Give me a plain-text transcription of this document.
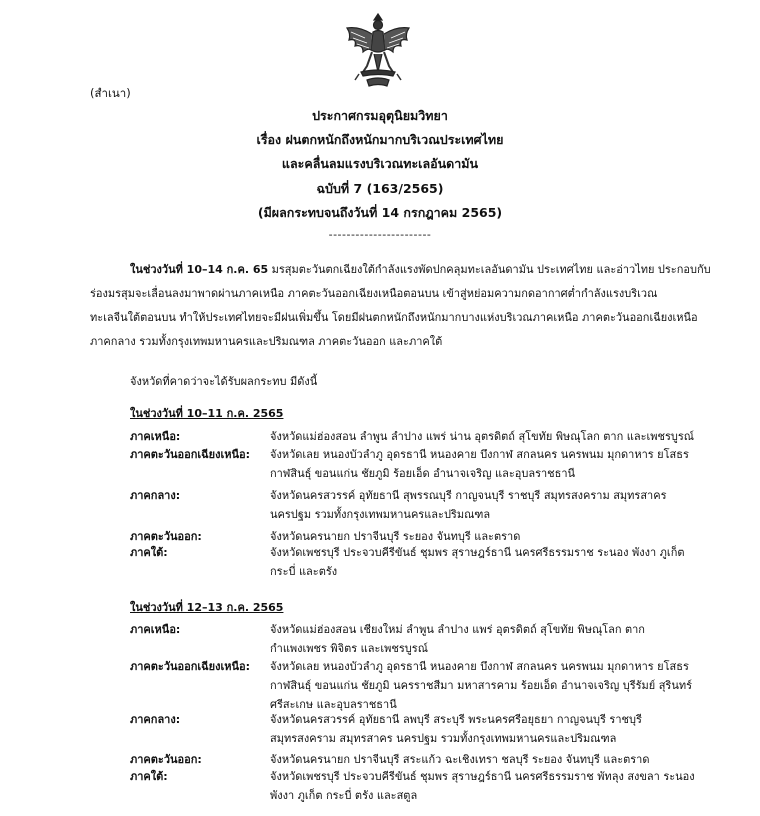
(สำเนา)
ประกาศกรมอุตุนิยมวิทยา
เรื่อง ฝนตกหนักถึงหนักมากบริเวณประเทศไทย
และคลื่นลมแรงบริเวณทะเลอันดามัน
ฉบับที่ 7 (163/2565)
(มีผลกระทบจนถึงวันที่ 14 กรกฎาคม 2565)
-----------------------
ในช่วงวันที่ 10–14 ก.ค. 65 มรสุมตะวันตกเฉียงใต้กำลังแรงพัดปกคลุมทะเลอันดามัน ประเทศไทย และอ่าวไทย ประกอบกับ
ร่องมรสุมจะเลื่อนลงมาพาดผ่านภาคเหนือ ภาคตะวันออกเฉียงเหนือตอนบน เข้าสู่หย่อมความกดอากาศต่ำกำลังแรงบริเวณ
ทะเลจีนใต้ตอนบน ทำให้ประเทศไทยจะมีฝนเพิ่มขึ้น โดยมีฝนตกหนักถึงหนักมากบางแห่งบริเวณภาคเหนือ ภาคตะวันออกเฉียงเหนือ
ภาคกลาง รวมทั้งกรุงเทพมหานครและปริมณฑล ภาคตะวันออก และภาคใต้
จังหวัดที่คาดว่าจะได้รับผลกระทบ มีดังนี้
ในช่วงวันที่ 10–11 ก.ค. 2565
ภาคเหนือ:	จังหวัดแม่ฮ่องสอน ลำพูน ลำปาง แพร่ น่าน อุตรดิตถ์ สุโขทัย พิษณุโลก ตาก และเพชรบูรณ์
ภาคตะวันออกเฉียงเหนือ: จังหวัดเลย หนองบัวลำภู อุดรธานี หนองคาย บึงกาฬ สกลนคร นครพนม มุกดาหาร ยโสธร
กาฬสินธุ์ ขอนแก่น ชัยภูมิ ร้อยเอ็ด อำนาจเจริญ และอุบลราชธานี
ภาคกลาง:	จังหวัดนครสวรรค์ อุทัยธานี สุพรรณบุรี กาญจนบุรี ราชบุรี สมุทรสงคราม สมุทรสาคร
นครปฐม รวมทั้งกรุงเทพมหานครและปริมณฑล
ภาคตะวันออก:	จังหวัดนครนายก ปราจีนบุรี ระยอง จันทบุรี และตราด
ภาคใต้:	จังหวัดเพชรบุรี ประจวบคีรีขันธ์ ชุมพร สุราษฎร์ธานี นครศรีธรรมราช ระนอง พังงา ภูเก็ต
กระบี่ และตรัง
ในช่วงวันที่ 12–13 ก.ค. 2565
ภาคเหนือ:	จังหวัดแม่ฮ่องสอน เชียงใหม่ ลำพูน ลำปาง แพร่ อุตรดิตถ์ สุโขทัย พิษณุโลก ตาก
กำแพงเพชร พิจิตร และเพชรบูรณ์
ภาคตะวันออกเฉียงเหนือ: จังหวัดเลย หนองบัวลำภู อุดรธานี หนองคาย บึงกาฬ สกลนคร นครพนม มุกดาหาร ยโสธร
กาฬสินธุ์ ขอนแก่น ชัยภูมิ นครราชสีมา มหาสารคาม ร้อยเอ็ด อำนาจเจริญ บุรีรัมย์ สุรินทร์
ศรีสะเกษ และอุบลราชธานี
ภาคกลาง:	จังหวัดนครสวรรค์ อุทัยธานี ลพบุรี สระบุรี พระนครศรีอยุธยา กาญจนบุรี ราชบุรี
สมุทรสงคราม สมุทรสาคร นครปฐม รวมทั้งกรุงเทพมหานครและปริมณฑล
ภาคตะวันออก:	จังหวัดนครนายก ปราจีนบุรี สระแก้ว ฉะเชิงเทรา ชลบุรี ระยอง จันทบุรี และตราด
ภาคใต้:	จังหวัดเพชรบุรี ประจวบคีรีขันธ์ ชุมพร สุราษฎร์ธานี นครศรีธรรมราช พัทลุง สงขลา ระนอง
พังงา ภูเก็ต กระบี่ ตรัง และสตูล
